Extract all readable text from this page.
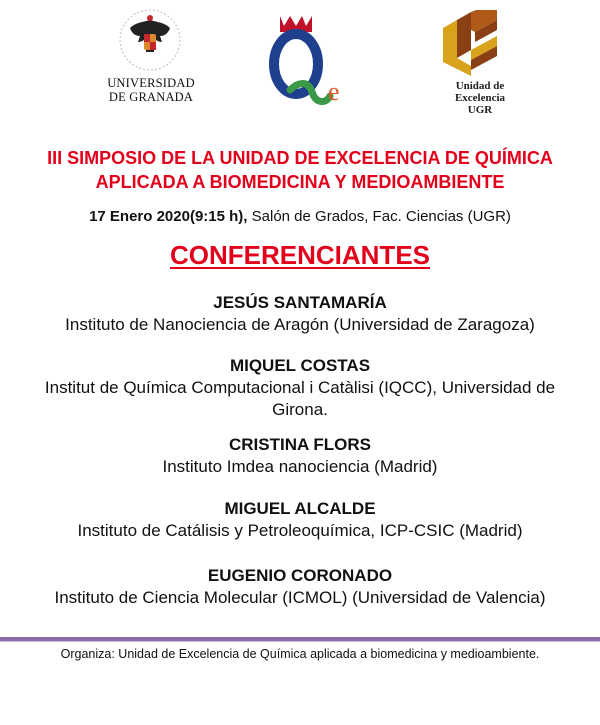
UNIVERSIDAD
DE GRANADA	e	Unidad de
Excelencia
UGR
III SIMPOSIO DE LA UNIDAD DE EXCELENCIA DE QUÍMICA
APLICADA A BIOMEDICINA Y MEDIOAMBIENTE
17 Enero 2020(9:15 h), Salón de Grados, Fac. Ciencias (UGR)
CONFERENCIANTES
JESÚS SANTAMARÍA
Instituto de Nanociencia de Aragón (Universidad de Zaragoza)
MIQUEL COSTAS
Institut de Química Computacional i Catàlisi (IQCC), Universidad de
Girona.
CRISTINA FLORS
Instituto Imdea nanociencia (Madrid)
MIGUEL ALCALDE
Instituto de Catálisis y Petroleoquímica, ICP-CSIC (Madrid)
EUGENIO CORONADO
Instituto de Ciencia Molecular (ICMOL) (Universidad de Valencia)
Organiza: Unidad de Excelencia de Química aplicada a biomedicina y medioambiente.
